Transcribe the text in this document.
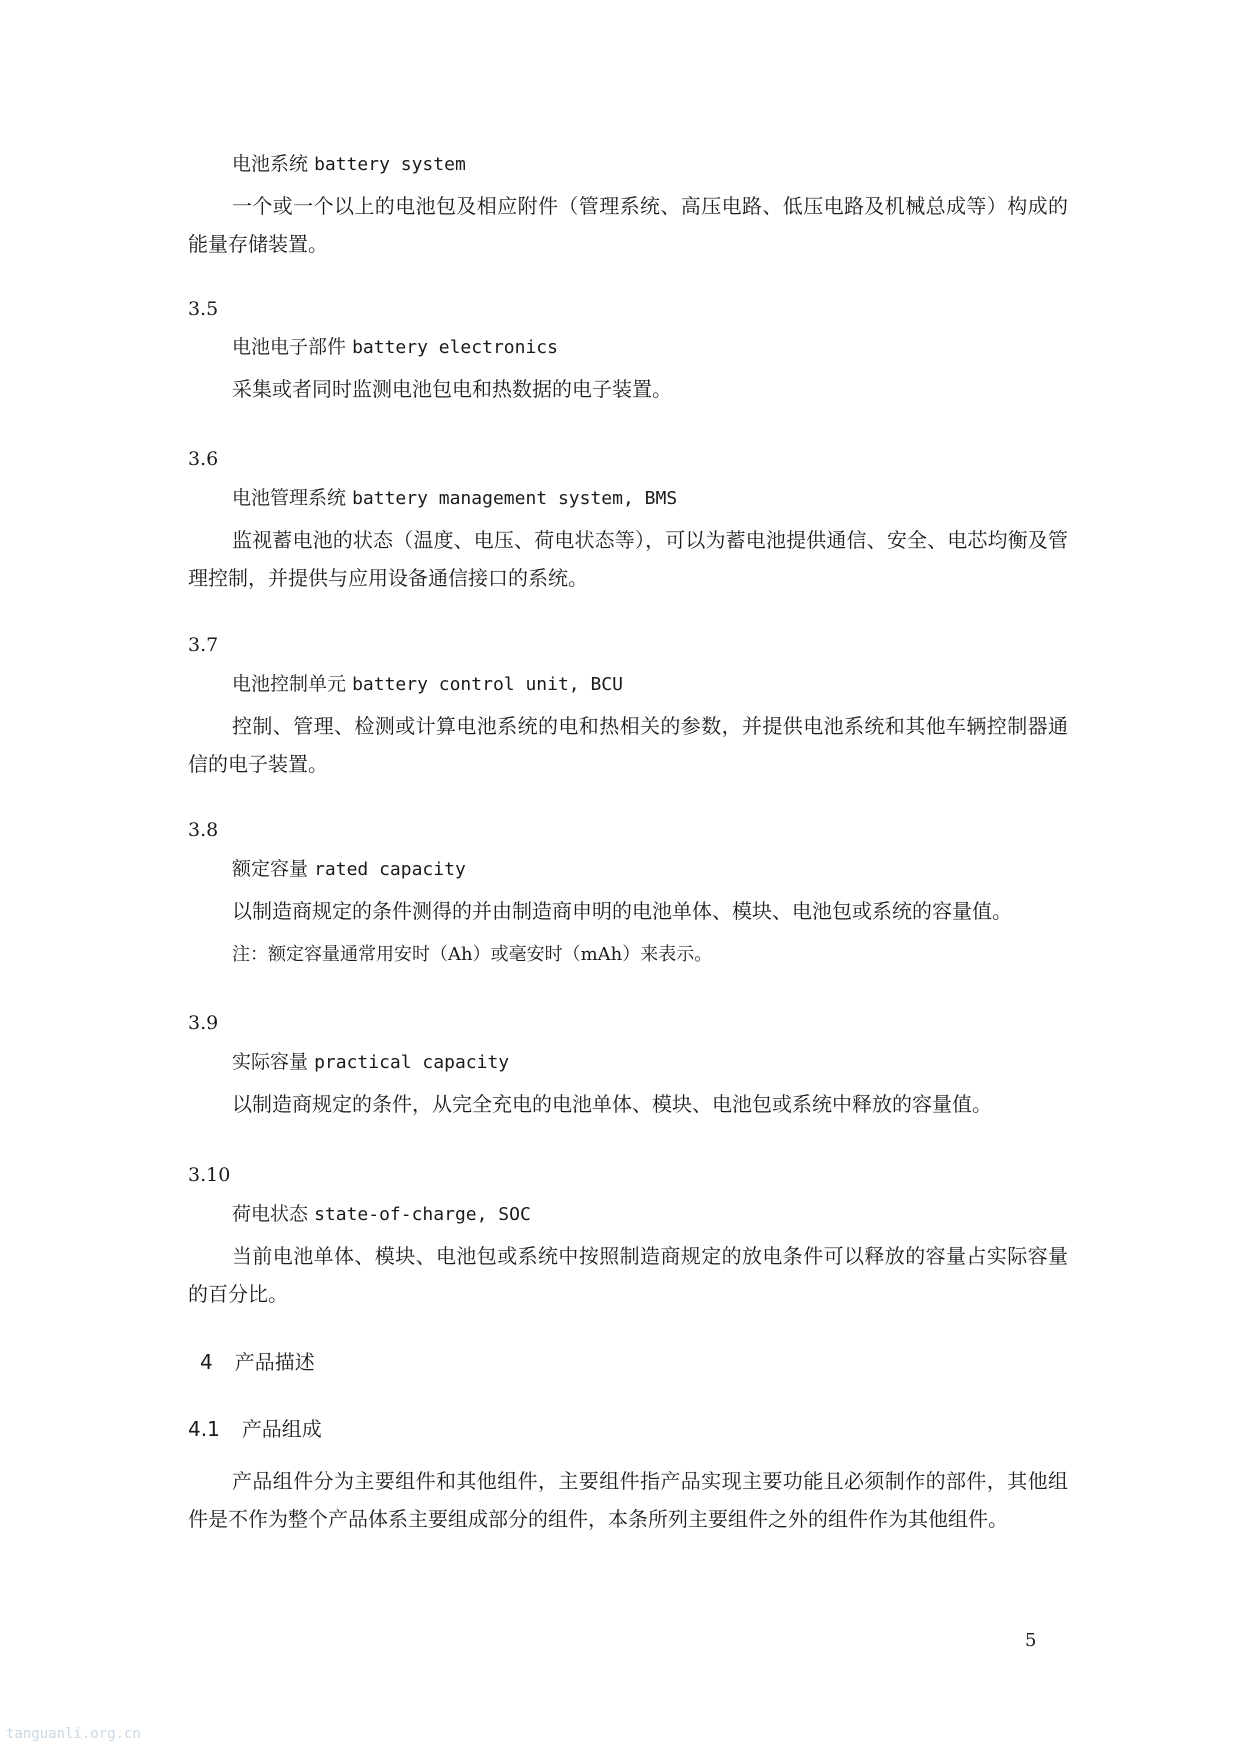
电池系统 battery system
一个或一个以上的电池包及相应附件（管理系统、高压电路、低压电路及机械总成等）构成的能量存储装置。
3.5
电池电子部件 battery electronics
采集或者同时监测电池包电和热数据的电子装置。
3.6
电池管理系统 battery management system, BMS
监视蓄电池的状态（温度、电压、荷电状态等），可以为蓄电池提供通信、安全、电芯均衡及管理控制，并提供与应用设备通信接口的系统。
3.7
电池控制单元 battery control unit, BCU
控制、管理、检测或计算电池系统的电和热相关的参数，并提供电池系统和其他车辆控制器通信的电子装置。
3.8
额定容量 rated capacity
以制造商规定的条件测得的并由制造商申明的电池单体、模块、电池包或系统的容量值。
注：额定容量通常用安时（Ah）或毫安时（mAh）来表示。
3.9
实际容量 practical capacity
以制造商规定的条件，从完全充电的电池单体、模块、电池包或系统中释放的容量值。
3.10
荷电状态 state-of-charge, SOC
当前电池单体、模块、电池包或系统中按照制造商规定的放电条件可以释放的容量占实际容量的百分比。
4 产品描述
4.1 产品组成
产品组件分为主要组件和其他组件，主要组件指产品实现主要功能且必须制作的部件，其他组件是不作为整个产品体系主要组成部分的组件，本条所列主要组件之外的组件作为其他组件。
5
tanguanli.org.cn
